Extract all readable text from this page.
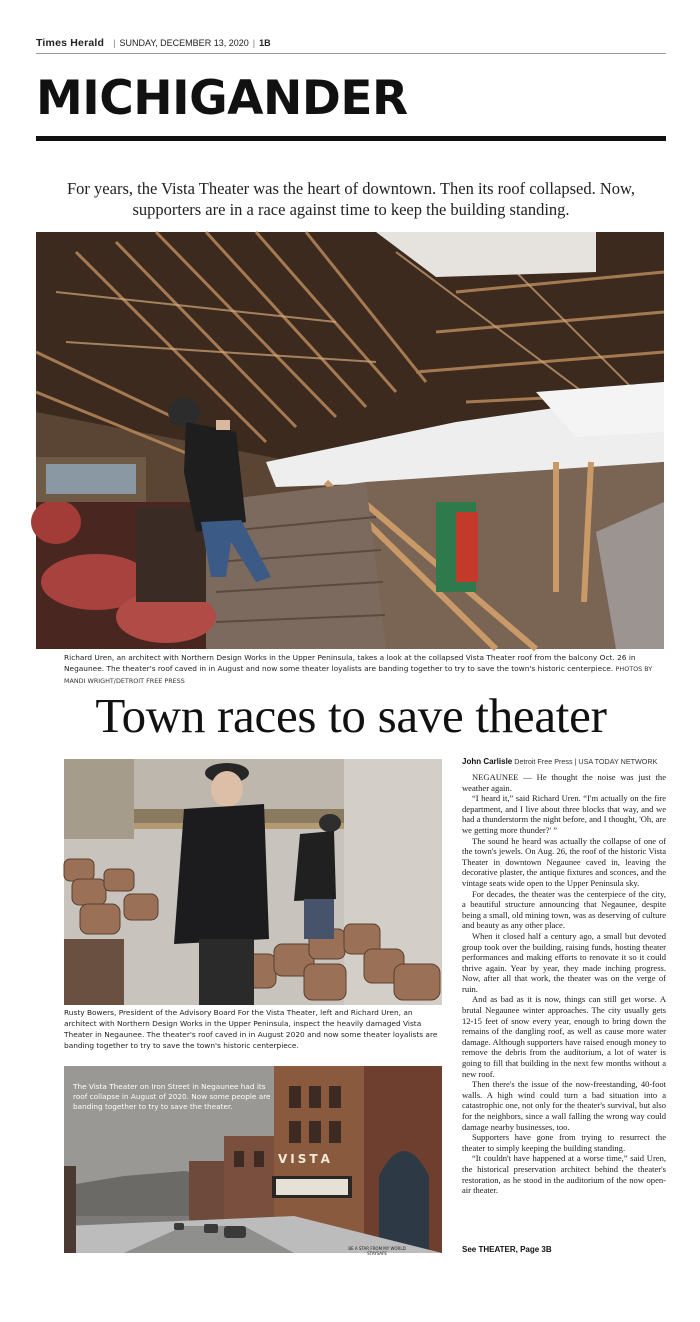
Times Herald | SUNDAY, DECEMBER 13, 2020 | 1B
MICHIGANDER
For years, the Vista Theater was the heart of downtown. Then its roof collapsed. Now, supporters are in a race against time to keep the building standing.
Richard Uren, an architect with Northern Design Works in the Upper Peninsula, takes a look at the collapsed Vista Theater roof from the balcony Oct. 26 in Negaunee. The theater's roof caved in in August and now some theater loyalists are banding together to try to save the town's historic centerpiece. PHOTOS BY MANDI WRIGHT/DETROIT FREE PRESS
Town races to save theater
Rusty Bowers, President of the Advisory Board For the Vista Theater, left and Richard Uren, an architect with Northern Design Works in the Upper Peninsula, inspect the heavily damaged Vista Theater in Negaunee. The theater's roof caved in in August 2020 and now some theater loyalists are banding together to try to save the town's historic centerpiece.
V I S T A
BE A STAR FROM MY WORLD
STAYSAFE
The Vista Theater on Iron Street in Negaunee had its roof collapse in August of 2020. Now some people are banding together to try to save the theater.
John Carlisle Detroit Free Press | USA TODAY NETWORK

NEGAUNEE — He thought the noise was just the weather again.

“I heard it,” said Richard Uren. “I'm actually on the fire department, and I live about three blocks that way, and we had a thunderstorm the night before, and I thought, 'Oh, are we getting more thunder?' ”

The sound he heard was actually the collapse of one of the town's jewels. On Aug. 26, the roof of the historic Vista Theater in downtown Negaunee caved in, leaving the decorative plaster, the antique fixtures and sconces, and the vintage seats wide open to the Upper Peninsula sky.

For decades, the theater was the centerpiece of the city, a beautiful structure announcing that Negaunee, despite being a small, old mining town, was as deserving of culture and beauty as any other place.

When it closed half a century ago, a small but devoted group took over the building, raising funds, hosting theater performances and making efforts to renovate it so it could thrive again. Year by year, they made inching progress. Now, after all that work, the theater was on the verge of ruin.

And as bad as it is now, things can still get worse. A brutal Negaunee winter approaches. The city usually gets 12-15 feet of snow every year, enough to bring down the remains of the dangling roof, as well as cause more water damage. Although supporters have raised enough money to remove the debris from the auditorium, a lot of water is going to fill that building in the next few months without a new roof.

Then there's the issue of the now-freestanding, 40-foot walls. A high wind could turn a bad situation into a catastrophic one, not only for the theater's survival, but also for the neighbors, since a wall falling the wrong way could damage nearby businesses, too.

Supporters have gone from trying to resurrect the theater to simply keeping the building standing.

“It couldn't have happened at a worse time,” said Uren, the historical preservation architect behind the theater's restoration, as he stood in the auditorium of the now open-air theater.

See THEATER, Page 3B
